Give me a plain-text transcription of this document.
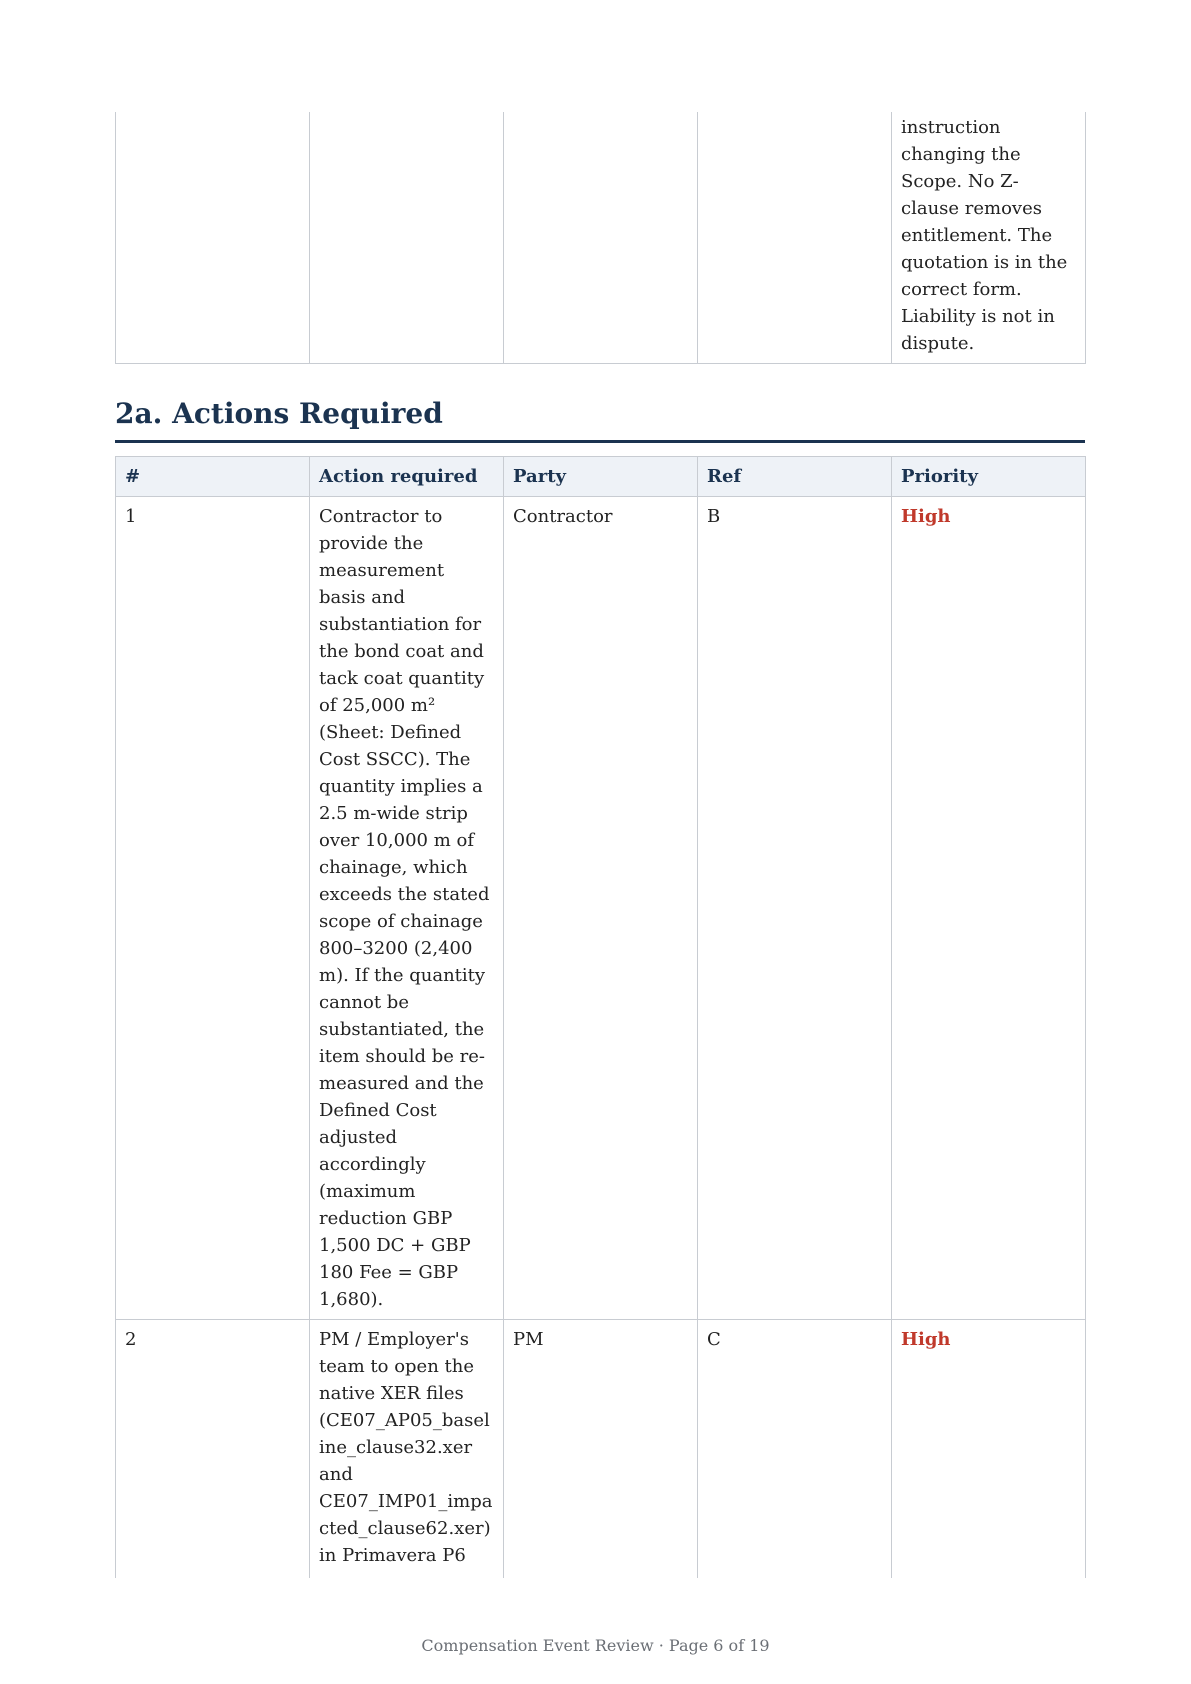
				instruction changing the Scope. No Z-clause removes entitlement. The quotation is in the correct form. Liability is not in dispute.
2a. Actions Required
#	Action required	Party	Ref	Priority
1	Contractor to provide the measurement basis and substantiation for the bond coat and tack coat quantity of 25,000 m² (Sheet: Defined Cost SSCC). The quantity implies a 2.5 m-wide strip over 10,000 m of chainage, which exceeds the stated scope of chainage 800–3200 (2,400 m). If the quantity cannot be substantiated, the item should be re-measured and the Defined Cost adjusted accordingly (maximum reduction GBP 1,500 DC + GBP 180 Fee = GBP 1,680).	Contractor	B	High

2	PM / Employer's team to open the native XER files (CE07_AP05_baseline_clause32.xer and CE07_IMP01_impacted_clause62.xer) in Primavera P6	PM	C	High
Compensation Event Review · Page 6 of 19
